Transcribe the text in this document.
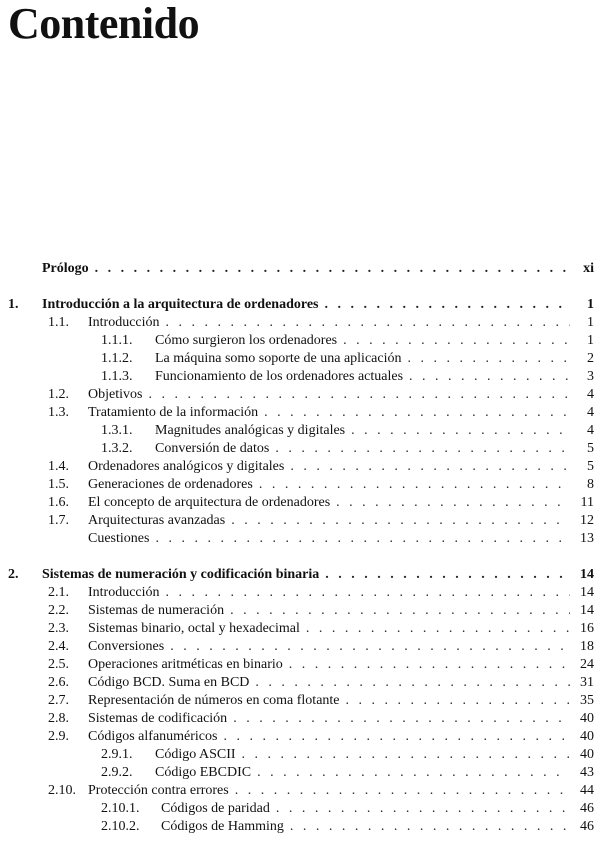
Contenido
Prólogo . . .	xi
1.	Introducción a la arquitectura de ordenadores . . .	1
1.1.	Introducción . . .	1
1.1.1.	Cómo surgieron los ordenadores . . .	1
1.1.2.	La máquina somo soporte de una aplicación . . .	2
1.1.3.	Funcionamiento de los ordenadores actuales . . .	3
1.2.	Objetivos . . .	4
1.3.	Tratamiento de la información . . .	4
1.3.1.	Magnitudes analógicas y digitales . . .	4
1.3.2.	Conversión de datos . . .	5
1.4.	Ordenadores analógicos y digitales . . .	5
1.5.	Generaciones de ordenadores . . .	8
1.6.	El concepto de arquitectura de ordenadores . . .	11
1.7.	Arquitecturas avanzadas . . .	12
Cuestiones . . .	13
2.	Sistemas de numeración y codificación binaria . . .	14
2.1.	Introducción . . .	14
2.2.	Sistemas de numeración . . .	14
2.3.	Sistemas binario, octal y hexadecimal . . .	16
2.4.	Conversiones . . .	18
2.5.	Operaciones aritméticas en binario . . .	24
2.6.	Código BCD. Suma en BCD . . .	31
2.7.	Representación de números en coma flotante . . .	35
2.8.	Sistemas de codificación . . .	40
2.9.	Códigos alfanuméricos . . .	40
2.9.1.	Código ASCII . . .	40
2.9.2.	Código EBCDIC . . .	43
2.10. Protección contra errores . . .	44
2.10.1.	Códigos de paridad . . .	46
2.10.2.	Códigos de Hamming . . .	46
